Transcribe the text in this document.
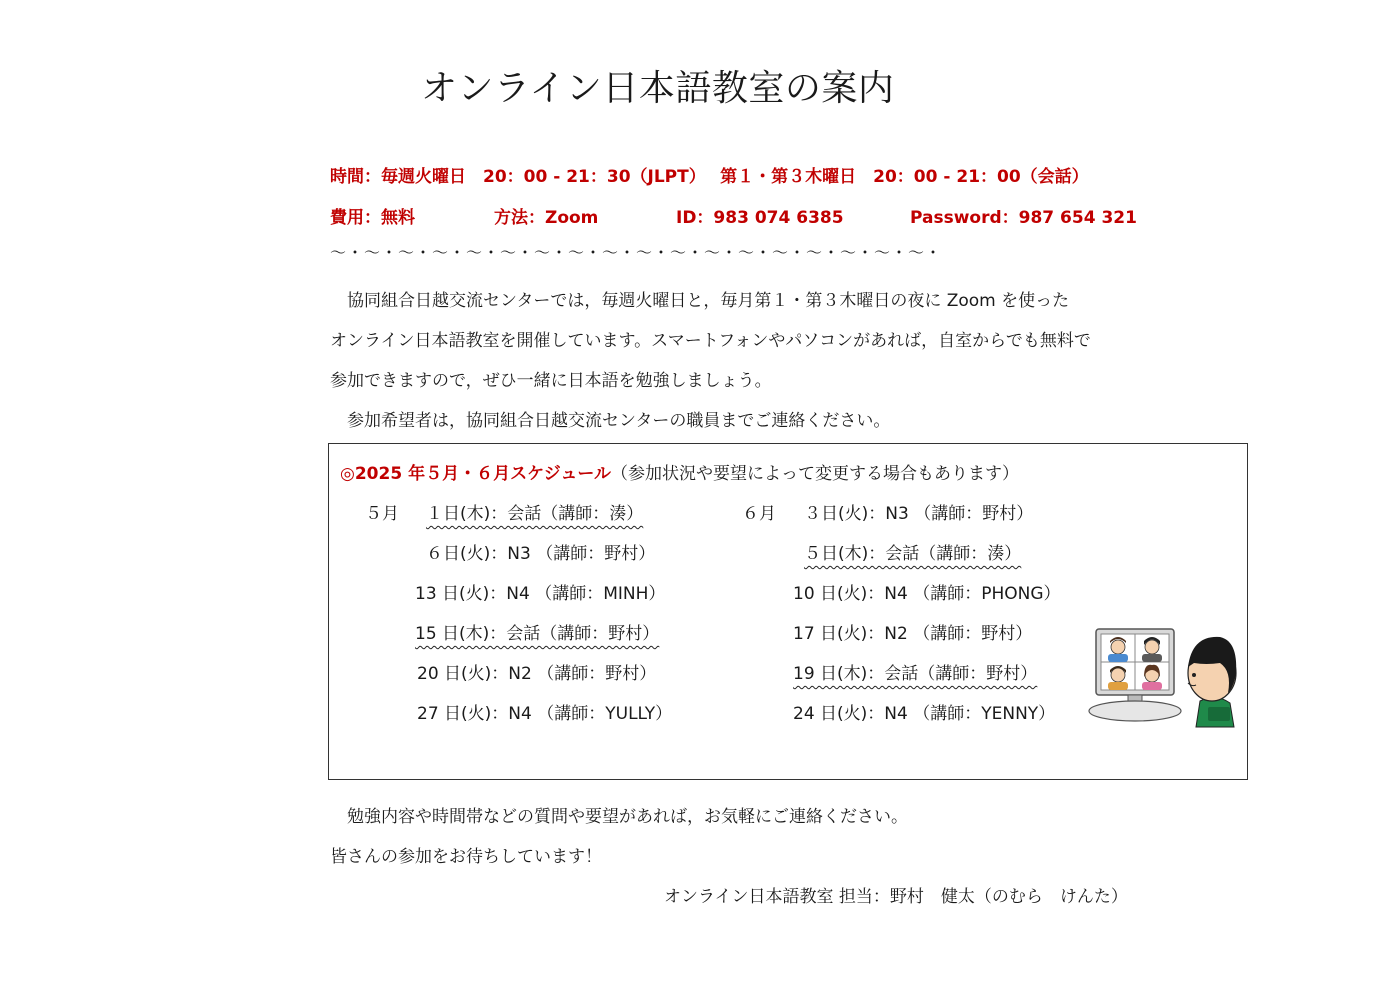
オンライン日本語教室の案内
時間：毎週火曜日　20：00 - 21：30（JLPT）　 第１・第３木曜日　20：00 - 21：00（会話）
費用：無料	方法：Zoom	ID：983 074 6385	Password：987 654 321
～・～・～・～・～・～・～・～・～・～・～・～・～・～・～・～・～・～・
　協同組合日越交流センターでは，毎週火曜日と，毎月第１・第３木曜日の夜に Zoom を使った
オンライン日本語教室を開催しています。スマートフォンやパソコンがあれば，自室からでも無料で
参加できますので，ぜひ一緒に日本語を勉強しましょう。
　参加希望者は，協同組合日越交流センターの職員までご連絡ください。
◎2025 年５月・６月スケジュール（参加状況や要望によって変更する場合もあります）
５月 １日(木)：会話（講師：湊）
６日(火)：N3 （講師：野村）
13 日(火)：N4 （講師：MINH）
15 日(木)：会話（講師：野村）
20 日(火)：N2 （講師：野村）
27 日(火)：N4 （講師：YULLY）
６月 ３日(火)：N3 （講師：野村）
５日(木)：会話（講師：湊）
10 日(火)：N4 （講師：PHONG）
17 日(火)：N2 （講師：野村）
19 日(木)：会話（講師：野村）
24 日(火)：N4 （講師：YENNY）
　勉強内容や時間帯などの質問や要望があれば，お気軽にご連絡ください。
皆さんの参加をお待ちしています！
オンライン日本語教室 担当：野村　健太（のむら　けんた）
